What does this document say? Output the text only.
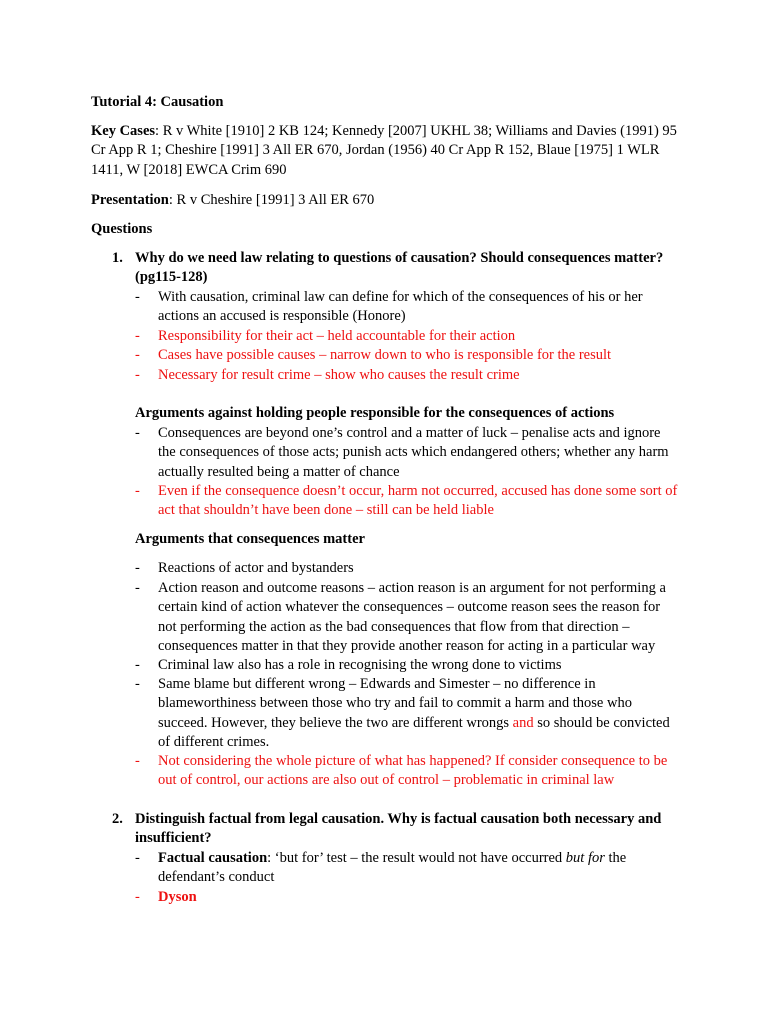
Tutorial 4: Causation

Key Cases: R v White [1910] 2 KB 124; Kennedy [2007] UKHL 38; Williams and Davies (1991) 95 Cr App R 1; Cheshire [1991] 3 All ER 670, Jordan (1956) 40 Cr App R 152, Blaue [1975] 1 WLR 1411, W [2018] EWCA Crim 690

Presentation: R v Cheshire [1991] 3 All ER 670

Questions

1. Why do we need law relating to questions of causation? Should consequences matter? (pg115-128)
- With causation, criminal law can define for which of the consequences of his or her actions an accused is responsible (Honore)
- Responsibility for their act – held accountable for their action
- Cases have possible causes – narrow down to who is responsible for the result
- Necessary for result crime – show who causes the result crime
Arguments against holding people responsible for the consequences of actions
- Consequences are beyond one’s control and a matter of luck – penalise acts and ignore the consequences of those acts; punish acts which endangered others; whether any harm actually resulted being a matter of chance
- Even if the consequence doesn’t occur, harm not occurred, accused has done some sort of act that shouldn’t have been done – still can be held liable
Arguments that consequences matter
- Reactions of actor and bystanders
- Action reason and outcome reasons – action reason is an argument for not performing a certain kind of action whatever the consequences – outcome reason sees the reason for not performing the action as the bad consequences that flow from that direction – consequences matter in that they provide another reason for acting in a particular way
- Criminal law also has a role in recognising the wrong done to victims
- Same blame but different wrong – Edwards and Simester – no difference in blameworthiness between those who try and fail to commit a harm and those who succeed. However, they believe the two are different wrongs and so should be convicted of different crimes.
- Not considering the whole picture of what has happened? If consider consequence to be out of control, our actions are also out of control – problematic in criminal law
2. Distinguish factual from legal causation. Why is factual causation both necessary and insufficient?
- Factual causation: ‘but for’ test – the result would not have occurred but for the defendant’s conduct
- Dyson
